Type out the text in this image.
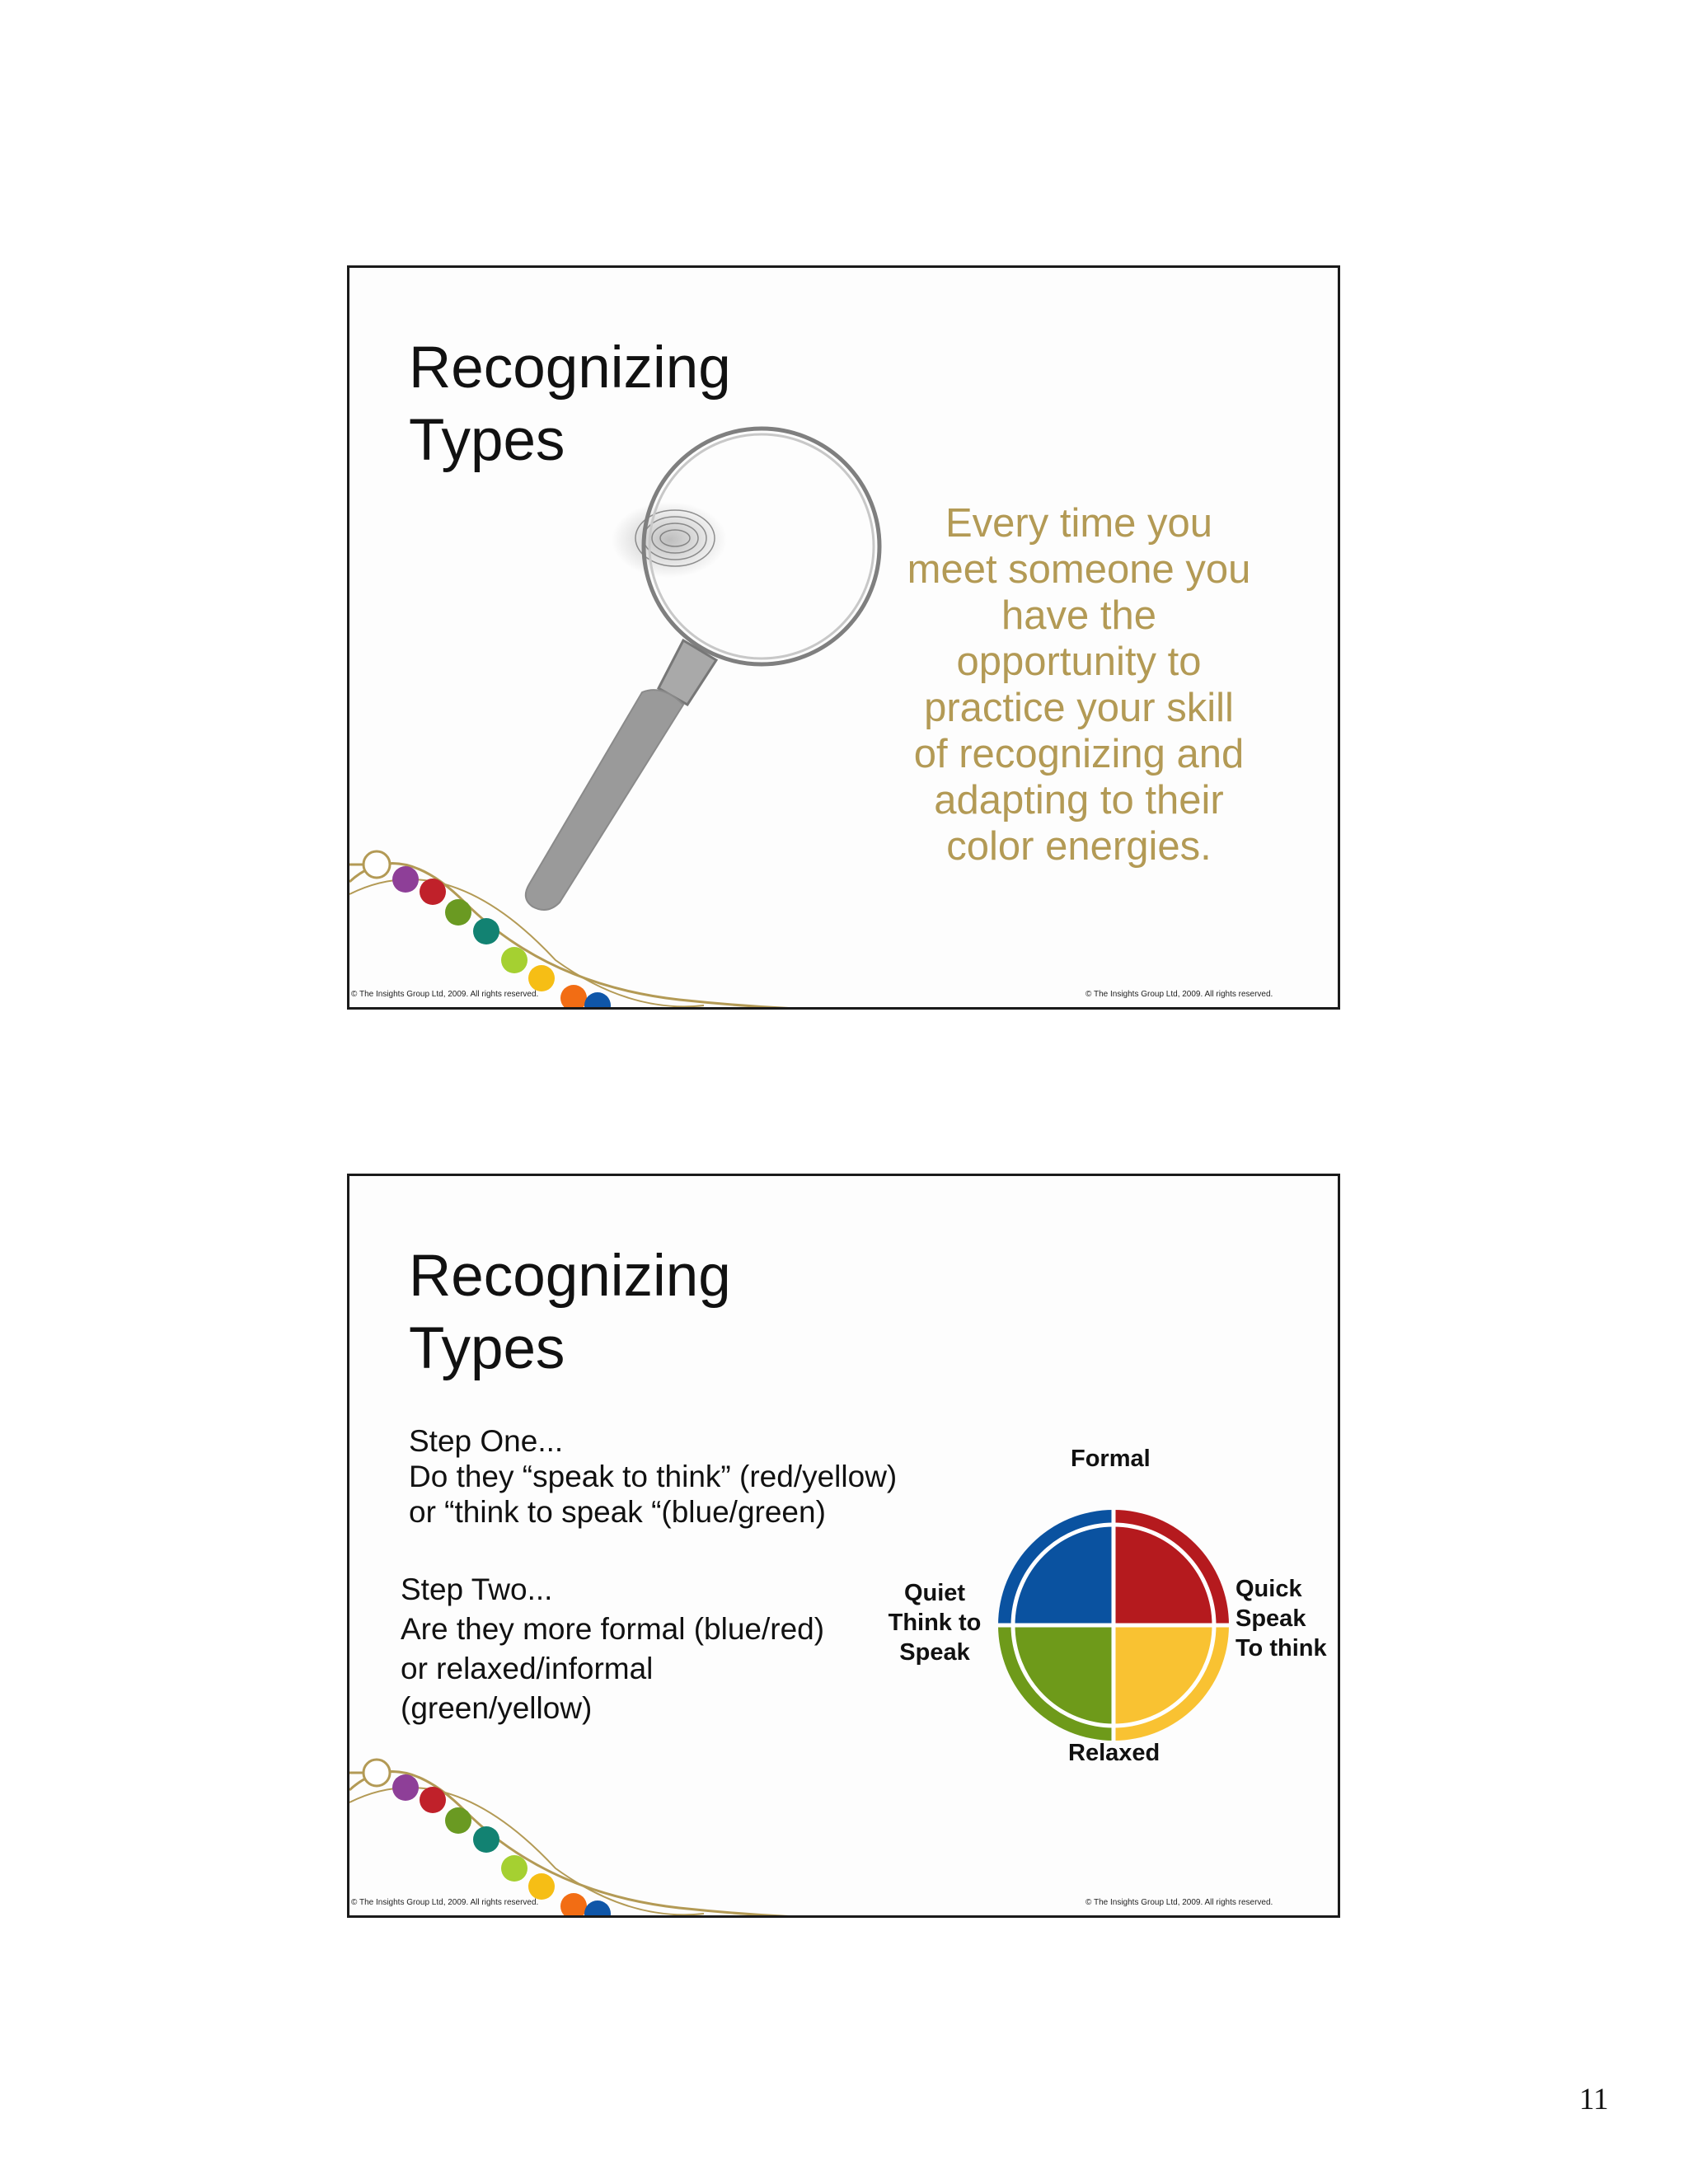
Recognizing
Types
Every time you
meet someone you
have the
opportunity to
practice your skill
of recognizing and
adapting to their
color energies.
© The Insights Group Ltd, 2009. All rights reserved.	© The Insights Group Ltd, 2009. All rights reserved.
Recognizing
Types
Step One...
Do they “speak to think” (red/yellow)
or “think to speak “(blue/green)
Step Two...
Are they more formal (blue/red)
or relaxed/informal
(green/yellow)
Formal
Relaxed
Quiet
Think to
Speak
Quick
Speak
To think
© The Insights Group Ltd, 2009. All rights reserved.	© The Insights Group Ltd, 2009. All rights reserved.
11
